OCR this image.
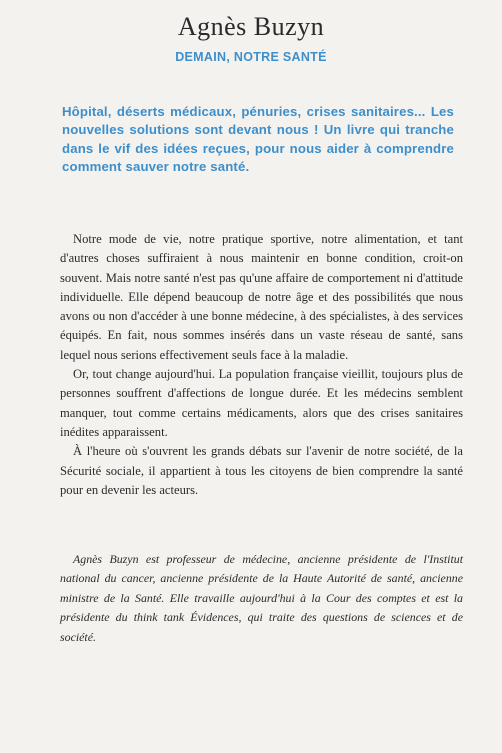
Agnès Buzyn
DEMAIN, NOTRE SANTÉ
Hôpital, déserts médicaux, pénuries, crises sanitaires... Les nouvelles solutions sont devant nous ! Un livre qui tranche dans le vif des idées reçues, pour nous aider à comprendre comment sauver notre santé.

Notre mode de vie, notre pratique sportive, notre alimentation, et tant d'autres choses suffiraient à nous maintenir en bonne condition, croit-on souvent. Mais notre santé n'est pas qu'une affaire de comportement ni d'attitude individuelle. Elle dépend beaucoup de notre âge et des possibilités que nous avons ou non d'accéder à une bonne médecine, à des spécialistes, à des services équipés. En fait, nous sommes insérés dans un vaste réseau de santé, sans lequel nous serions effectivement seuls face à la maladie.

Or, tout change aujourd'hui. La population française vieillit, toujours plus de personnes souffrent d'affections de longue durée. Et les médecins semblent manquer, tout comme certains médicaments, alors que des crises sanitaires inédites apparaissent.

À l'heure où s'ouvrent les grands débats sur l'avenir de notre société, de la Sécurité sociale, il appartient à tous les citoyens de bien comprendre la santé pour en devenir les acteurs.

Agnès Buzyn est professeur de médecine, ancienne présidente de l'Institut national du cancer, ancienne présidente de la Haute Autorité de santé, ancienne ministre de la Santé. Elle travaille aujourd'hui à la Cour des comptes et est la présidente du think tank Évidences, qui traite des questions de sciences et de société.
